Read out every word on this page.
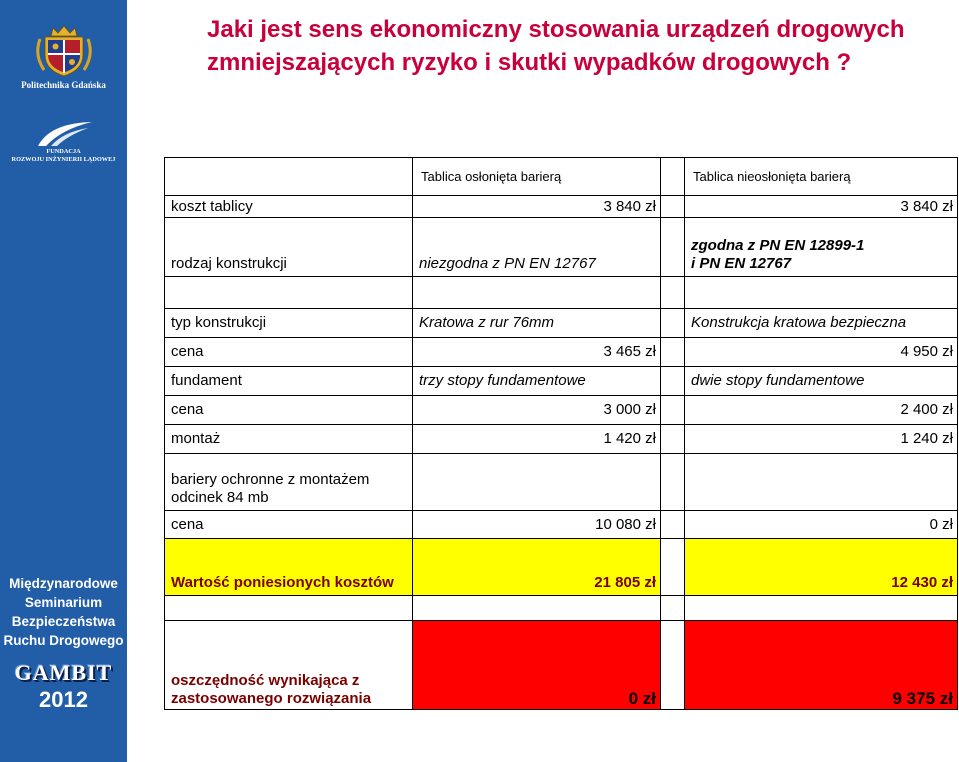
Politechnika Gdańska
FUNDACJA
ROZWOJU INŻYNIERII LĄDOWEJ
Międzynarodowe
Seminarium
Bezpieczeństwa
Ruchu Drogowego
GAMBIT
2012
Jaki jest sens ekonomiczny stosowania urządzeń drogowych
zmniejszających ryzyko i skutki wypadków drogowych ?
	Tablica osłonięta barierą		Tablica nieosłonięta barierą
koszt tablicy	3 840 zł		3 840 zł
rodzaj konstrukcji	niezgodna z PN EN 12767		zgodna z PN EN 12899-1
i PN EN 12767

typ konstrukcji	Kratowa z rur 76mm		Konstrukcja kratowa bezpieczna
cena	3 465 zł		4 950 zł
fundament	trzy stopy fundamentowe		dwie stopy fundamentowe
cena	3 000 zł		2 400 zł
montaż	1 420 zł		1 240 zł

bariery ochronne z montażem
odcinek 84 mb			

cena	10 080 zł		0 zł
Wartość poniesionych kosztów	21 805 zł		12 430 zł

oszczędność wynikająca z
zastosowanego rozwiązania	0 zł		9 375 zł
